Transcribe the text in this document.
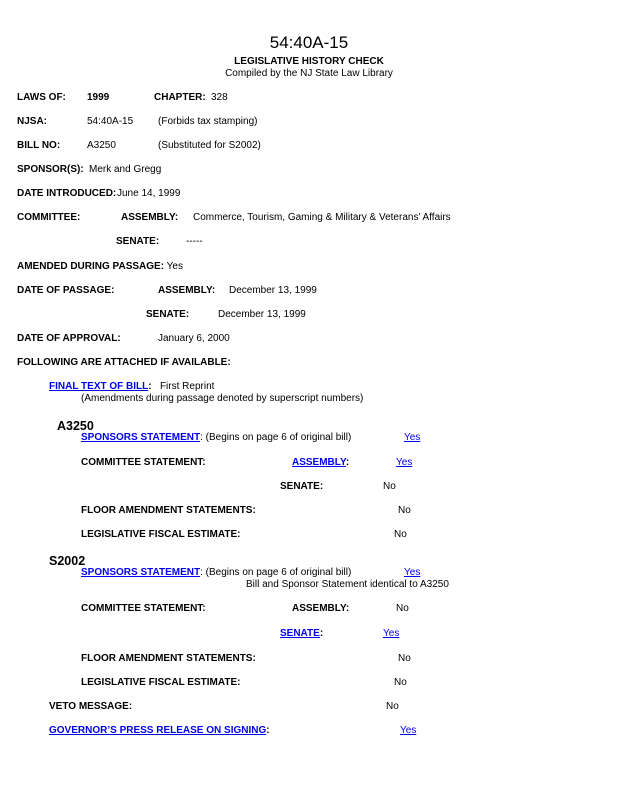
54:40A-15
LEGISLATIVE HISTORY CHECK
Compiled by the NJ State Law Library
LAWS OF: 1999	CHAPTER: 328
NJSA:	54:40A-15 (Forbids tax stamping)
BILL NO:	A3250	(Substituted for S2002)
SPONSOR(S): Merk and Gregg
DATE INTRODUCED: June 14, 1999
COMMITTEE:	ASSEMBLY: Commerce, Tourism, Gaming & Military & Veterans’ Affairs
SENATE:	-----
AMENDED DURING PASSAGE: Yes
DATE OF PASSAGE:	ASSEMBLY: December 13, 1999
SENATE:	December 13, 1999
DATE OF APPROVAL:	January 6, 2000
FOLLOWING ARE ATTACHED IF AVAILABLE:
FINAL TEXT OF BILL: First Reprint
(Amendments during passage denoted by superscript numbers)
A3250
SPONSORS STATEMENT: (Begins on page 6 of original bill)	Yes
COMMITTEE STATEMENT:	ASSEMBLY:	Yes
SENATE:	No
FLOOR AMENDMENT STATEMENTS:	No
LEGISLATIVE FISCAL ESTIMATE:	No
S2002
SPONSORS STATEMENT: (Begins on page 6 of original bill)	Yes
Bill and Sponsor Statement identical to A3250
COMMITTEE STATEMENT:	ASSEMBLY:	No
SENATE:	Yes
FLOOR AMENDMENT STATEMENTS:	No
LEGISLATIVE FISCAL ESTIMATE:	No
VETO MESSAGE:	No
GOVERNOR’S PRESS RELEASE ON SIGNING:	Yes
